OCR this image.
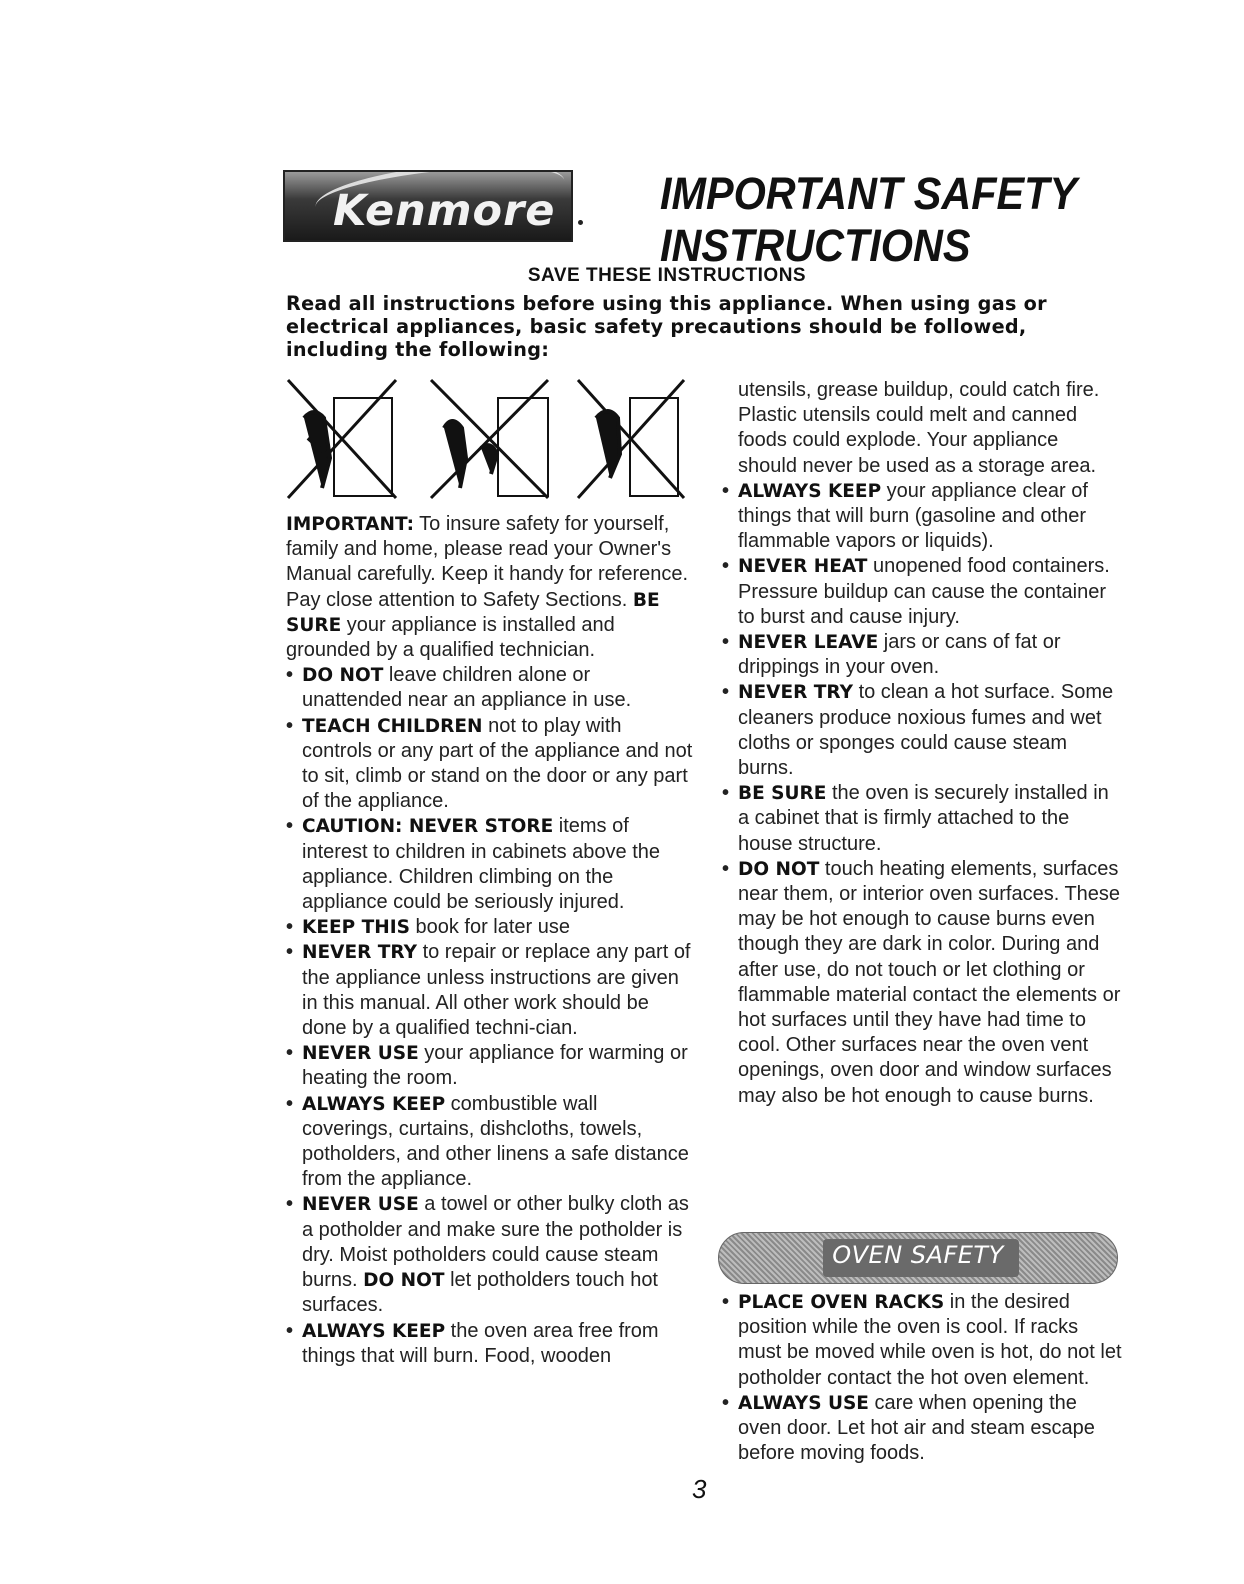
Kenmore IMPORTANT SAFETY
INSTRUCTIONS
SAVE THESE INSTRUCTIONS

Read all instructions before using this appliance. When using gas or electrical appliances, basic safety precautions should be followed, including the following:

IMPORTANT: To insure safety for yourself, family and home, please read your Owner's Manual carefully. Keep it handy for reference. Pay close attention to Safety Sections. BE SURE your appliance is installed and grounded by a qualified technician.

• DO NOT leave children alone or unattended near an appliance in use.
• TEACH CHILDREN not to play with controls or any part of the appliance and not to sit, climb or stand on the door or any part of the appliance.
• CAUTION: NEVER STORE items of interest to children in cabinets above the appliance. Children climbing on the appliance could be seriously injured.
• KEEP THIS book for later use
• NEVER TRY to repair or replace any part of the appliance unless instructions are given in this manual. All other work should be done by a qualified techni-cian.
• NEVER USE your appliance for warming or heating the room.
• ALWAYS KEEP combustible wall coverings, curtains, dishcloths, towels, potholders, and other linens a safe distance from the appliance.
• NEVER USE a towel or other bulky cloth as a potholder and make sure the potholder is dry. Moist potholders could cause steam burns. DO NOT let potholders touch hot surfaces.
• ALWAYS KEEP the oven area free from things that will burn. Food, wooden

utensils, grease buildup, could catch fire. Plastic utensils could melt and canned foods could explode. Your appliance should never be used as a storage area.

• ALWAYS KEEP your appliance clear of things that will burn (gasoline and other flammable vapors or liquids).
• NEVER HEAT unopened food containers. Pressure buildup can cause the container to burst and cause injury.
• NEVER LEAVE jars or cans of fat or drippings in your oven.
• NEVER TRY to clean a hot surface. Some cleaners produce noxious fumes and wet cloths or sponges could cause steam burns.
• BE SURE the oven is securely installed in a cabinet that is firmly attached to the house structure.
• DO NOT touch heating elements, surfaces near them, or interior oven surfaces. These may be hot enough to cause burns even though they are dark in color. During and after use, do not touch or let clothing or flammable material contact the elements or hot surfaces until they have had time to cool. Other surfaces near the oven vent openings, oven door and window surfaces may also be hot enough to cause burns.
OVEN SAFETY
• PLACE OVEN RACKS in the desired position while the oven is cool. If racks must be moved while oven is hot, do not let potholder contact the hot oven element.
• ALWAYS USE care when opening the oven door. Let hot air and steam escape before moving foods.
3
